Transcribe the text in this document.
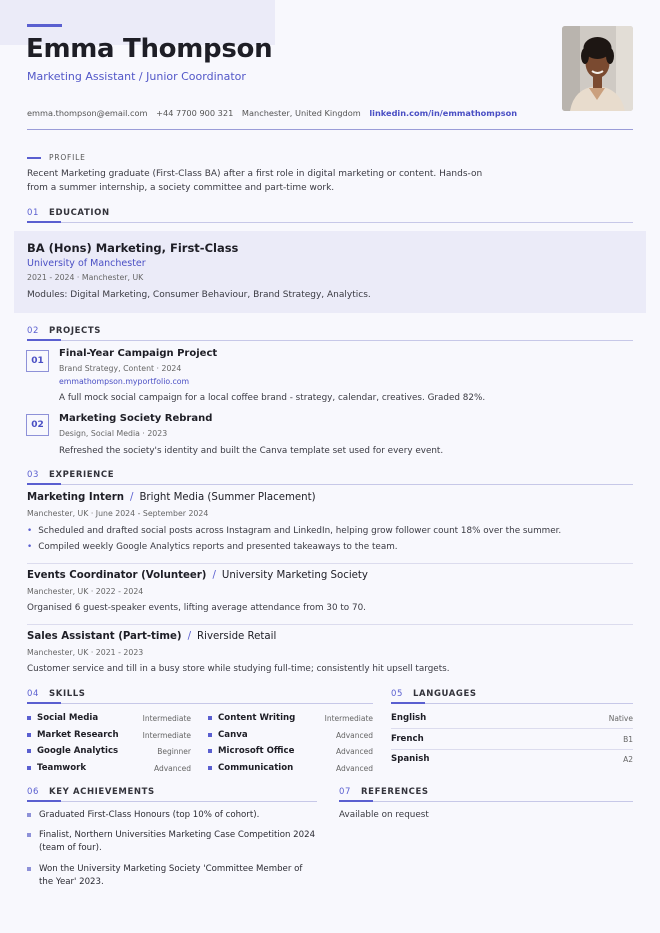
Emma Thompson
Marketing Assistant / Junior Coordinator
emma.thompson@email.com +44 7700 900 321 Manchester, United Kingdom linkedin.com/in/emmathompson
PROFILE
Recent Marketing graduate (First-Class BA) after a first role in digital marketing or content. Hands-on from a summer internship, a society committee and part-time work.
01 EDUCATION
BA (Hons) Marketing, First-Class
University of Manchester
2021 - 2024 · Manchester, UK
Modules: Digital Marketing, Consumer Behaviour, Brand Strategy, Analytics.
02 PROJECTS
01
Final-Year Campaign Project
Brand Strategy, Content · 2024
emmathompson.myportfolio.com
A full mock social campaign for a local coffee brand - strategy, calendar, creatives. Graded 82%.
02
Marketing Society Rebrand
Design, Social Media · 2023
Refreshed the society's identity and built the Canva template set used for every event.
03 EXPERIENCE
Marketing Intern / Bright Media (Summer Placement)
Manchester, UK · June 2024 - September 2024
• Scheduled and drafted social posts across Instagram and LinkedIn, helping grow follower count 18% over the summer.
• Compiled weekly Google Analytics reports and presented takeaways to the team.
Events Coordinator (Volunteer) / University Marketing Society
Manchester, UK · 2022 - 2024
Organised 6 guest-speaker events, lifting average attendance from 30 to 70.
Sales Assistant (Part-time) / Riverside Retail
Manchester, UK · 2021 - 2023
Customer service and till in a busy store while studying full-time; consistently hit upsell targets.
04 SKILLS
Social Media	Intermediate
Market Research	Intermediate
Google Analytics	Beginner
Teamwork	Advanced
Content Writing	Intermediate
Canva	Advanced
Microsoft Office	Advanced
Communication	Advanced
05 LANGUAGES
English	Native
French	B1
Spanish	A2
06 KEY ACHIEVEMENTS
Graduated First-Class Honours (top 10% of cohort).
Finalist, Northern Universities Marketing Case Competition 2024 (team of four).
Won the University Marketing Society 'Committee Member of the Year' 2023.
07 REFERENCES
Available on request
